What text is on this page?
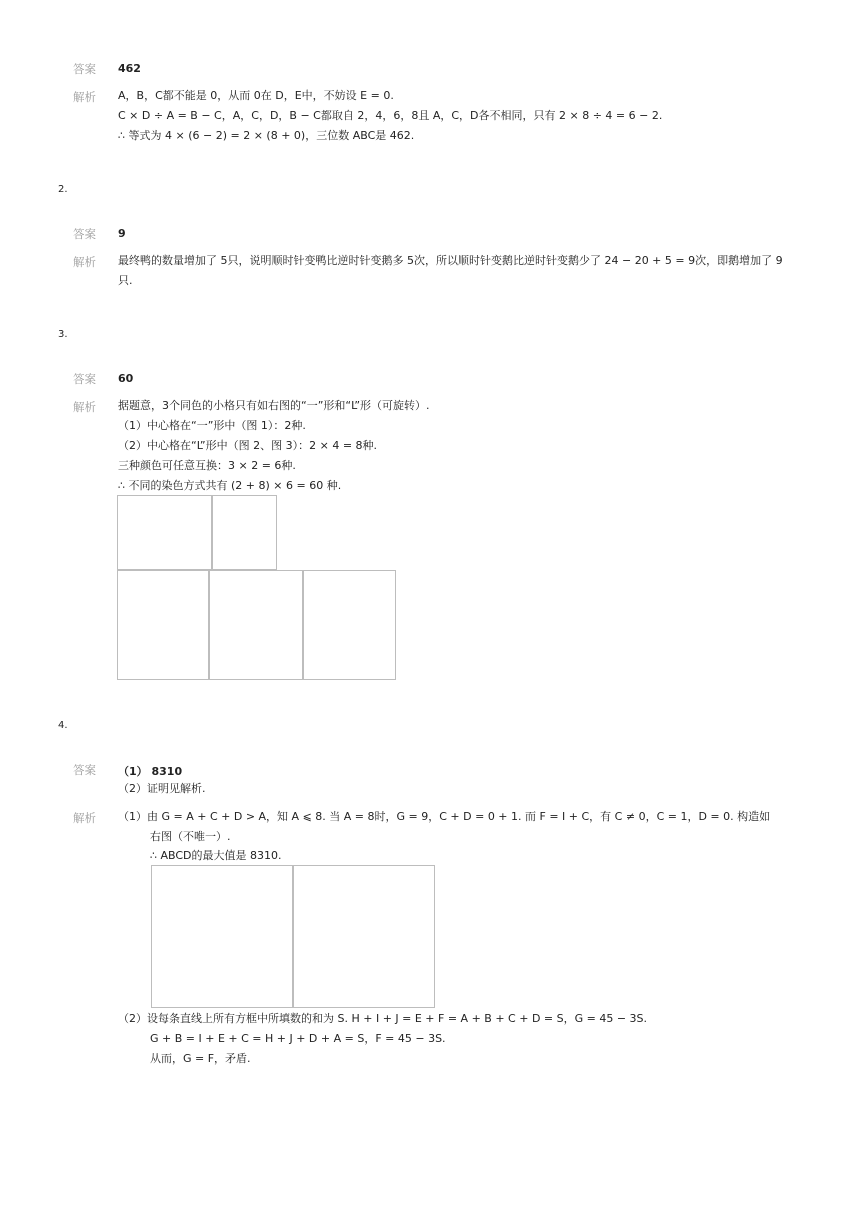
答案 462
解析 A，B，C都不能是 0，从而 0在 D，E中，不妨设 E = 0.
C × D ÷ A = B − C，A，C，D，B − C都取自 2，4，6，8且 A，C，D各不相同，只有 2 × 8 ÷ 4 = 6 − 2.
∴ 等式为 4 × (6 − 2) = 2 × (8 + 0)，三位数 ABC是 462.
2.
答案 9
解析 最终鸭的数量增加了 5只，说明顺时针变鸭比逆时针变鹅多 5次，所以顺时针变鹅比逆时针变鹅少了 24 − 20 + 5 = 9次，即鹅增加了 9
只.
3.
答案 60
解析 据题意，3个同色的小格只有如右图的“一”形和“L”形（可旋转）.
（1）中心格在“一”形中（图 1）：2种.
（2）中心格在“L”形中（图 2、图 3）：2 × 4 = 8种.
三种颜色可任意互换：3 × 2 = 6种.
∴ 不同的染色方式共有 (2 + 8) × 6 = 60 种.
4.
答案 （1） 8310
（2）证明见解析.
解析 （1）由 G = A + C + D > A，知 A ⩽ 8. 当 A = 8时，G = 9，C + D = 0 + 1. 而 F = I + C，有 C ≠ 0，C = 1，D = 0. 构造如
右图（不唯一）.
∴ ABCD的最大值是 8310.
（2）设每条直线上所有方框中所填数的和为 S. H + I + J = E + F = A + B + C + D = S，G = 45 − 3S.
G + B = I + E + C = H + J + D + A = S，F = 45 − 3S.
从而，G = F，矛盾.
